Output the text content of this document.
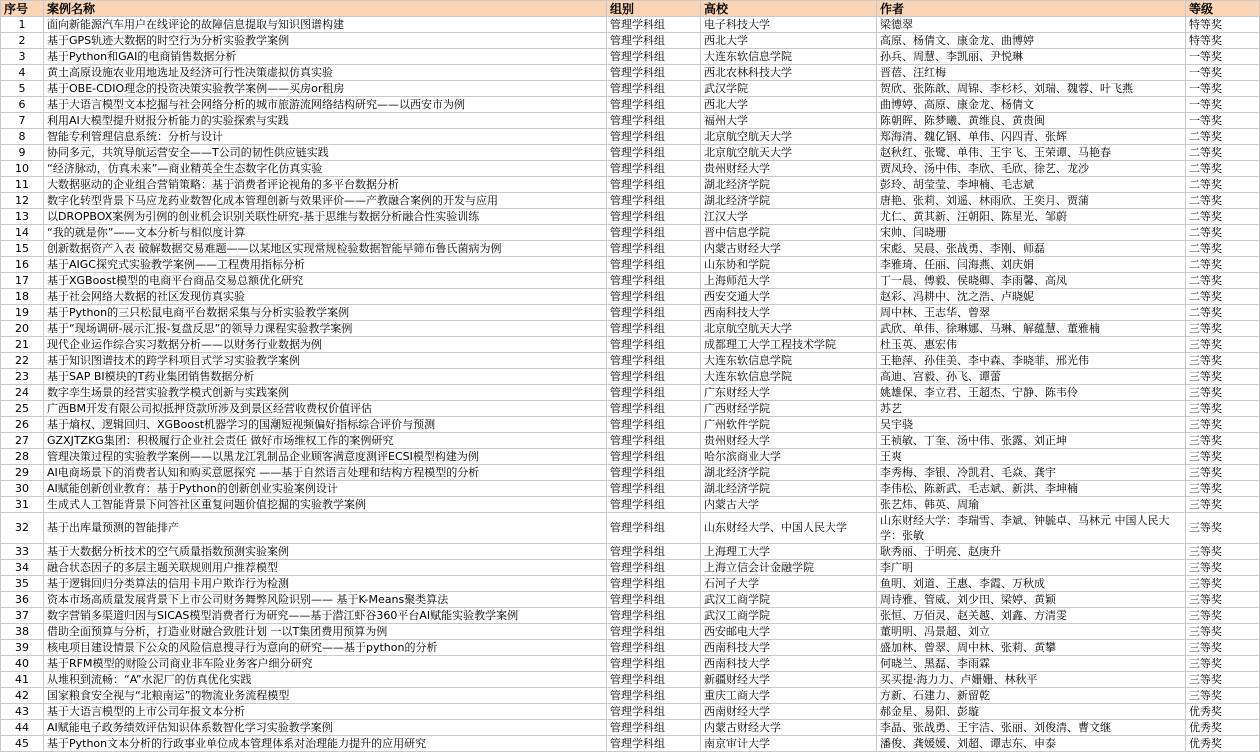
序号	案例名称	组别	高校	作者	等级
1	面向新能源汽车用户在线评论的故障信息提取与知识图谱构建	管理学科组	电子科技大学	梁德翠	特等奖
2	基于GPS轨迹大数据的时空行为分析实验教学案例	管理学科组	西北大学	高原、杨倩文、康金龙、曲博婷	特等奖
3	基于Python和GAI的电商销售数据分析	管理学科组	大连东软信息学院	孙兵、周慧、李凯丽、尹悦琳	一等奖
4	黄土高原设施农业用地选址及经济可行性决策虚拟仿真实验	管理学科组	西北农林科技大学	晋蓓、汪红梅	一等奖
5	基于OBE-CDIO理念的投资决策实验教学案例——买房or租房	管理学科组	武汉学院	贺欣、张陈歆、周锦、李杉杉、刘瑞、魏蓉、叶飞燕	一等奖
6	基于大语言模型文本挖掘与社会网络分析的城市旅游流网络结构研究——以西安市为例	管理学科组	西北大学	曲博婷、高原、康金龙、杨倩文	一等奖
7	利用AI大模型提升财报分析能力的实验探索与实践	管理学科组	福州大学	陈朝晖、陈梦曦、黄维良、黄贵闽	一等奖
8	智能专利管理信息系统：分析与设计	管理学科组	北京航空航天大学	郑海清、魏亿钢、单伟、闪四青、张辉	二等奖
9	协同多元，共筑导航运营安全——T公司的韧性供应链实践	管理学科组	北京航空航天大学	赵秋红、张鹭、单伟、王宇飞、王荣谭、马艳春	二等奖
10	“经济脉动，仿真未来”—商业精英全生态数字化仿真实验	管理学科组	贵州财经大学	贾凤玲、汤中伟、李欣、毛欣、徐艺、龙沙	二等奖
11	大数据驱动的企业组合营销策略：基于消费者评论视角的多平台数据分析	管理学科组	湖北经济学院	彭玲、胡莹莹、李坤楠、毛志斌	二等奖
12	数字化转型背景下马应龙药业数智化成本管理创新与效果评价——产教融合案例的开发与应用	管理学科组	湖北经济学院	唐艳、张莉、刘遥、林雨欣、王奕月、贾蒲	二等奖
13	以DROPBOX案例为引例的创业机会识别关联性研究-基于思维与数据分析融合性实验训练	管理学科组	江汉大学	尤仁、黄其新、汪朝阳、陈星光、邹蔚	二等奖
14	“我的就是你”——文本分析与相似度计算	管理学科组	晋中信息学院	宋帅、闫晓珊	二等奖
15	创新数据资产入表 破解数据交易难题——以某地区实现常规检验数据智能早筛布鲁氏菌病为例	管理学科组	内蒙古财经大学	宋彪、吴晨、张战勇、李刚、师磊	二等奖
16	基于AIGC探究式实验教学案例——工程费用指标分析	管理学科组	山东协和学院	李雅琦、任丽、闫海燕、刘庆娟	二等奖
17	基于XGBoost模型的电商平台商品交易总额优化研究	管理学科组	上海师范大学	丁一晨、傅毅、侯晓卿、李雨馨、高凤	二等奖
18	基于社会网络大数据的社区发现仿真实验	管理学科组	西安交通大学	赵彩、冯耕中、沈之浩、卢晓妮	二等奖
19	基于Python的三只松鼠电商平台数据采集与分析实验教学案例	管理学科组	西南科技大学	周中林、王志华、曾翠	二等奖
20	基于“现场调研-展示汇报-复盘反思”的领导力课程实验教学案例	管理学科组	北京航空航天大学	武欣、单伟、徐琳娜、马琳、解蕴慧、董雅楠	三等奖
21	现代企业运作综合实习数据分析——以财务行业数据为例	管理学科组	成都理工大学工程技术学院	杜玉英、惠宏伟	三等奖
22	基于知识图谱技术的跨学科项目式学习实验教学案例	管理学科组	大连东软信息学院	王艳萍、孙佳美、李中森、李晓菲、邢光伟	三等奖
23	基于SAP BI模块的T药业集团销售数据分析	管理学科组	大连东软信息学院	高迪、宫毅、孙飞、谭蕾	三等奖
24	数字孪生场景的经营实验教学模式创新与实践案例	管理学科组	广东财经大学	姚雄保、李立君、王超杰、宁静、陈韦伶	三等奖
25	广西BM开发有限公司拟抵押贷款所涉及到景区经营收费权价值评估	管理学科组	广西财经学院	苏艺	三等奖
26	基于熵权、逻辑回归、XGBoost机器学习的国潮短视频偏好指标综合评价与预测	管理学科组	广州软件学院	吴宇骁	三等奖
27	GZXJTZKG集团：积极履行企业社会责任 做好市场维权工作的案例研究	管理学科组	贵州财经大学	王祯敏、丁奎、汤中伟、张露、刘正坤	三等奖
28	管理决策过程的实验教学案例——以黑龙江乳制品企业顾客满意度测评ECSI模型构建为例	管理学科组	哈尔滨商业大学	王爽	三等奖
29	AI电商场景下的消费者认知和购买意愿探究 ——基于自然语言处理和结构方程模型的分析	管理学科组	湖北经济学院	李秀梅、李银、冷凯君、毛焱、龚宇	三等奖
30	AI赋能创新创业教育：基于Python的创新创业实验案例设计	管理学科组	湖北经济学院	李伟松、陈新武、毛志斌、新洪、李坤楠	三等奖
31	生成式人工智能背景下问答社区重复问题价值挖掘的实验教学案例	管理学科组	内蒙古大学	张艺炜、韩英、周瑜	三等奖
32	基于出库量预测的智能排产	管理学科组	山东财经大学、中国人民大学	山东财经大学：李瑞雪、李斌、钟毓卓、马林元 中国人民大学：张敏	三等奖
33	基于大数据分析技术的空气质量指数预测实验案例	管理学科组	上海理工大学	耿秀丽、于明亮、赵庚升	三等奖
34	融合状态因子的多层主题关联规则用户推荐模型	管理学科组	上海立信会计金融学院	李广明	三等奖
35	基于逻辑回归分类算法的信用卡用户欺诈行为检测	管理学科组	石河子大学	鱼明、刘道、王惠、李霞、万秋成	三等奖
36	资本市场高质量发展背景下上市公司财务舞弊风险识别—— 基于K-Means聚类算法	管理学科组	武汉工商学院	周诗雅、管威、刘少田、梁婷、黄颖	三等奖
37	数字营销多渠道归因与SICAS模型消费者行为研究——基于潜江虾谷360平台AI赋能实验教学案例	管理学科组	武汉工商学院	张恒、万佰灵、赵关越、刘鑫、方清雯	三等奖
38	借助全面预算与分析，打造业财融合致胜计划 一以T集团费用预算为例	管理学科组	西安邮电大学	董明明、冯景超、刘立	三等奖
39	核电项目建设情景下公众的风险信息搜寻行为意向的研究——基于python的分析	管理学科组	西南科技大学	盛加林、曾翠、周中林、张莉、黄攀	三等奖
40	基于RFM模型的财险公司商业非车险业务客户细分研究	管理学科组	西南科技大学	何晓兰、黑磊、李雨霖	三等奖
41	从堆积到流畅：“A”水泥厂的仿真优化实践	管理学科组	新疆财经大学	买买提·海力力、卢姗姗、林秋平	三等奖
42	国家粮食安全视与“北粮南运”的物流业务流程模型	管理学科组	重庆工商大学	方新、石建力、新留乾	三等奖
43	基于大语言模型的上市公司年报文本分析	管理学科组	西南财经大学	郝金星、易阳、彭璇	优秀奖
44	AI赋能电子政务绩效评估知识体系数智化学习实验教学案例	管理学科组	内蒙古财经大学	李晶、张战勇、王宇洁、张丽、刘俊清、曹文继	优秀奖
45	基于Python文本分析的行政事业单位成本管理体系对治理能力提升的应用研究	管理学科组	南京审计大学	潘俊、龚媛媛、刘超、谭志东、申泰	优秀奖
